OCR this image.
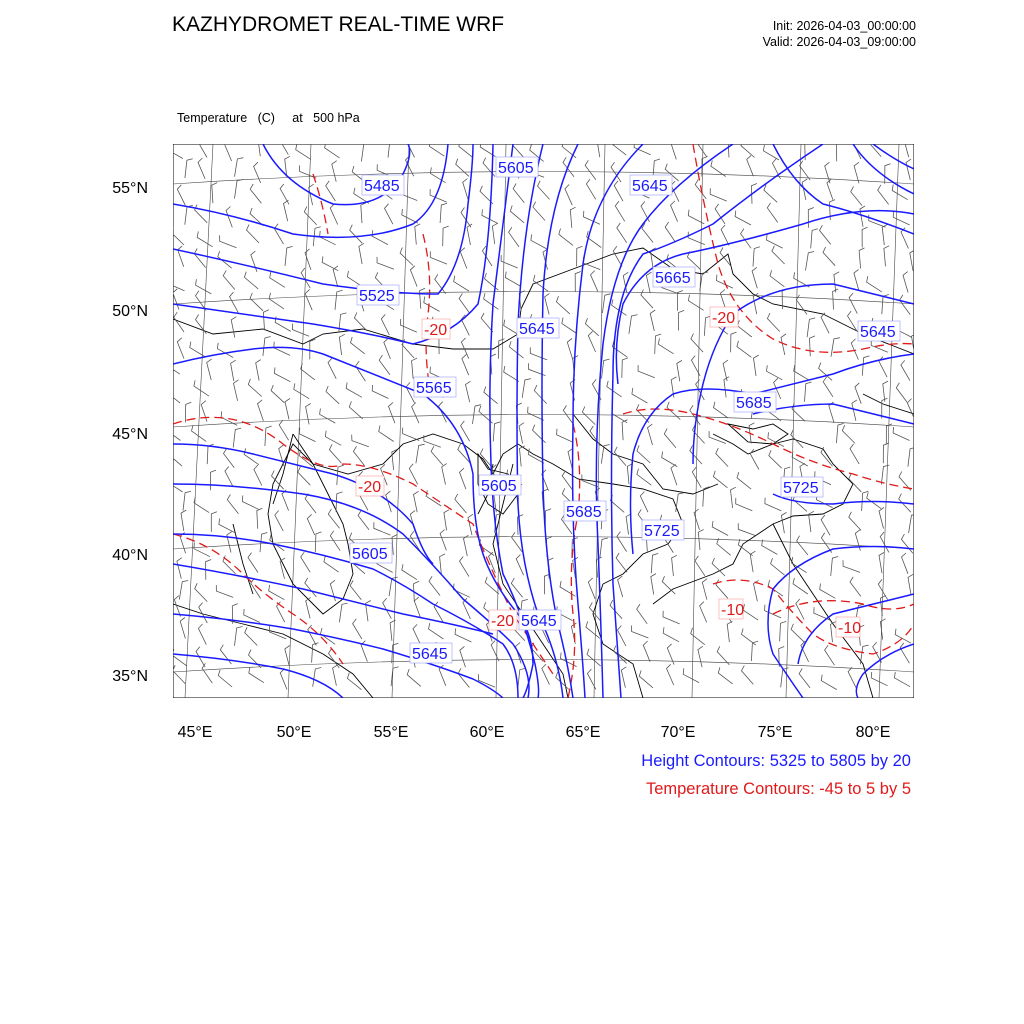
KAZHYDROMET REAL-TIME WRF	Init: 2026-04-03_00:00:00
Valid: 2026-04-03_09:00:00

Temperature   (C)     at   500 hPa

5485
5525
5565
5605
5605
5605
5645
5645
5645
5645
5665
5685
5685
5725
5725
5645
-20
-20
-20
-20
-10
-10
55°N
50°N
45°N
40°N
35°N
45°E	50°E	55°E	60°E	65°E	70°E	75°E	80°E
Height Contours: 5325 to 5805 by 20
Temperature Contours: -45 to 5 by 5
